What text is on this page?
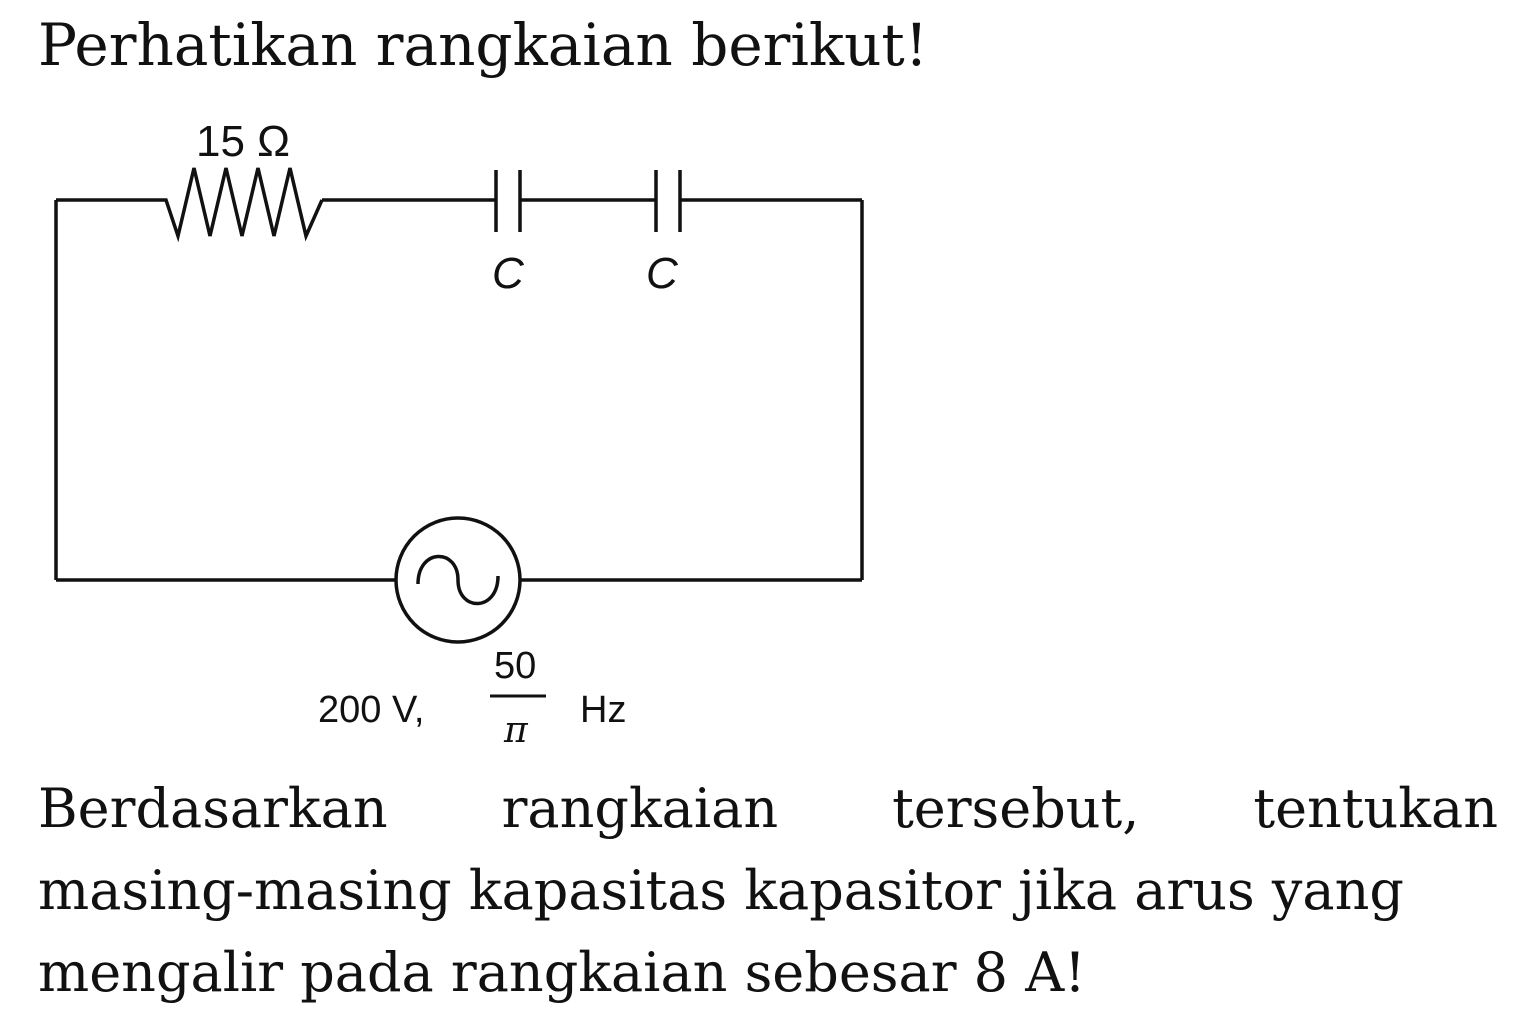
Perhatikan rangkaian berikut!
15 Ω
C	C
200 V,
50
π Hz
Berdasarkan rangkaian tersebut, tentukan
masing-masing kapasitas kapasitor jika arus yang
mengalir pada rangkaian sebesar 8 A!
